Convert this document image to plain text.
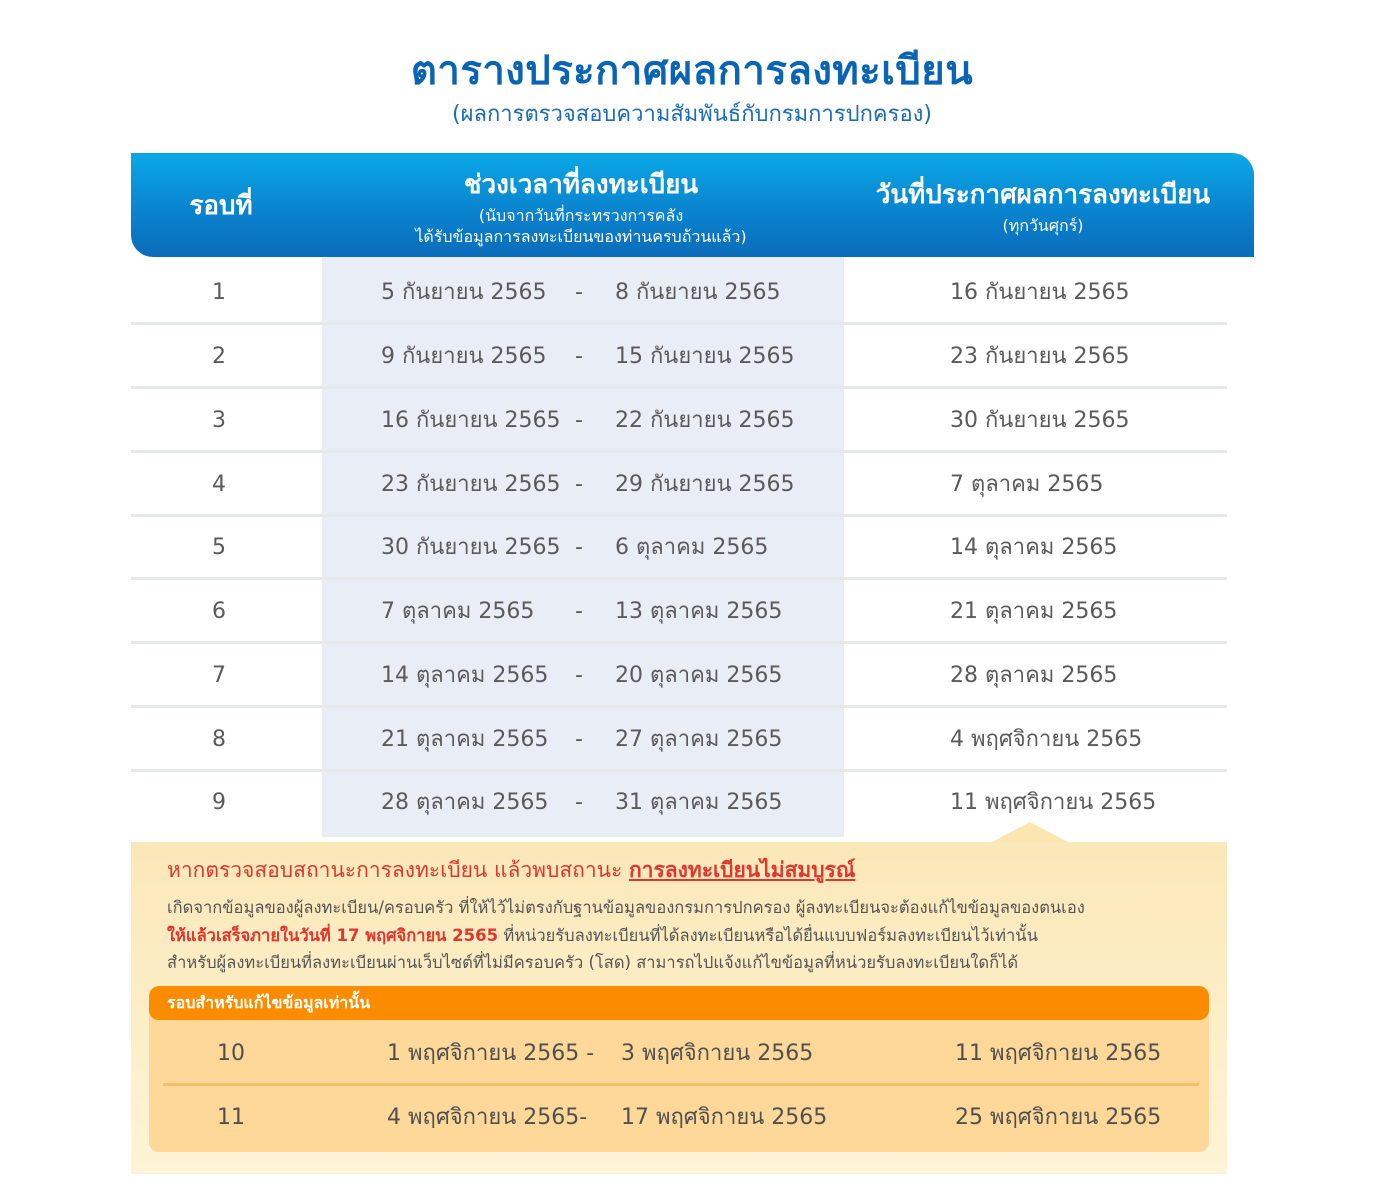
ตารางประกาศผลการลงทะเบียน
(ผลการตรวจสอบความสัมพันธ์กับกรมการปกครอง)
รอบที่
ช่วงเวลาที่ลงทะเบียน
(นับจากวันที่กระทรวงการคลัง
ได้รับข้อมูลการลงทะเบียนของท่านครบถ้วนแล้ว)
วันที่ประกาศผลการลงทะเบียน
(ทุกวันศุกร์)
1	5 กันยายน 2565 - 8 กันยายน 2565	16 กันยายน 2565
2	9 กันยายน 2565 - 15 กันยายน 2565	23 กันยายน 2565
3	16 กันยายน 2565 - 22 กันยายน 2565	30 กันยายน 2565
4	23 กันยายน 2565 - 29 กันยายน 2565	7 ตุลาคม 2565
5	30 กันยายน 2565 - 6 ตุลาคม 2565	14 ตุลาคม 2565
6	7 ตุลาคม 2565 - 13 ตุลาคม 2565	21 ตุลาคม 2565
7	14 ตุลาคม 2565 - 20 ตุลาคม 2565	28 ตุลาคม 2565
8	21 ตุลาคม 2565 - 27 ตุลาคม 2565	4 พฤศจิกายน 2565
9	28 ตุลาคม 2565 - 31 ตุลาคม 2565	11 พฤศจิกายน 2565
หากตรวจสอบสถานะการลงทะเบียน แล้วพบสถานะ การลงทะเบียนไม่สมบูรณ์
เกิดจากข้อมูลของผู้ลงทะเบียน/ครอบครัว ที่ให้ไว้ไม่ตรงกับฐานข้อมูลของกรมการปกครอง ผู้ลงทะเบียนจะต้องแก้ไขข้อมูลของตนเอง
ให้แล้วเสร็จภายในวันที่ 17 พฤศจิกายน 2565 ที่หน่วยรับลงทะเบียนที่ได้ลงทะเบียนหรือได้ยื่นแบบฟอร์มลงทะเบียนไว้เท่านั้น
สำหรับผู้ลงทะเบียนที่ลงทะเบียนผ่านเว็บไซต์ที่ไม่มีครอบครัว (โสด) สามารถไปแจ้งแก้ไขข้อมูลที่หน่วยรับลงทะเบียนใดก็ได้
รอบสำหรับแก้ไขข้อมูลเท่านั้น
10	1 พฤศจิกายน 2565 - 3 พฤศจิกายน 2565	11 พฤศจิกายน 2565
11	4 พฤศจิกายน 2565- 17 พฤศจิกายน 2565	25 พฤศจิกายน 2565
